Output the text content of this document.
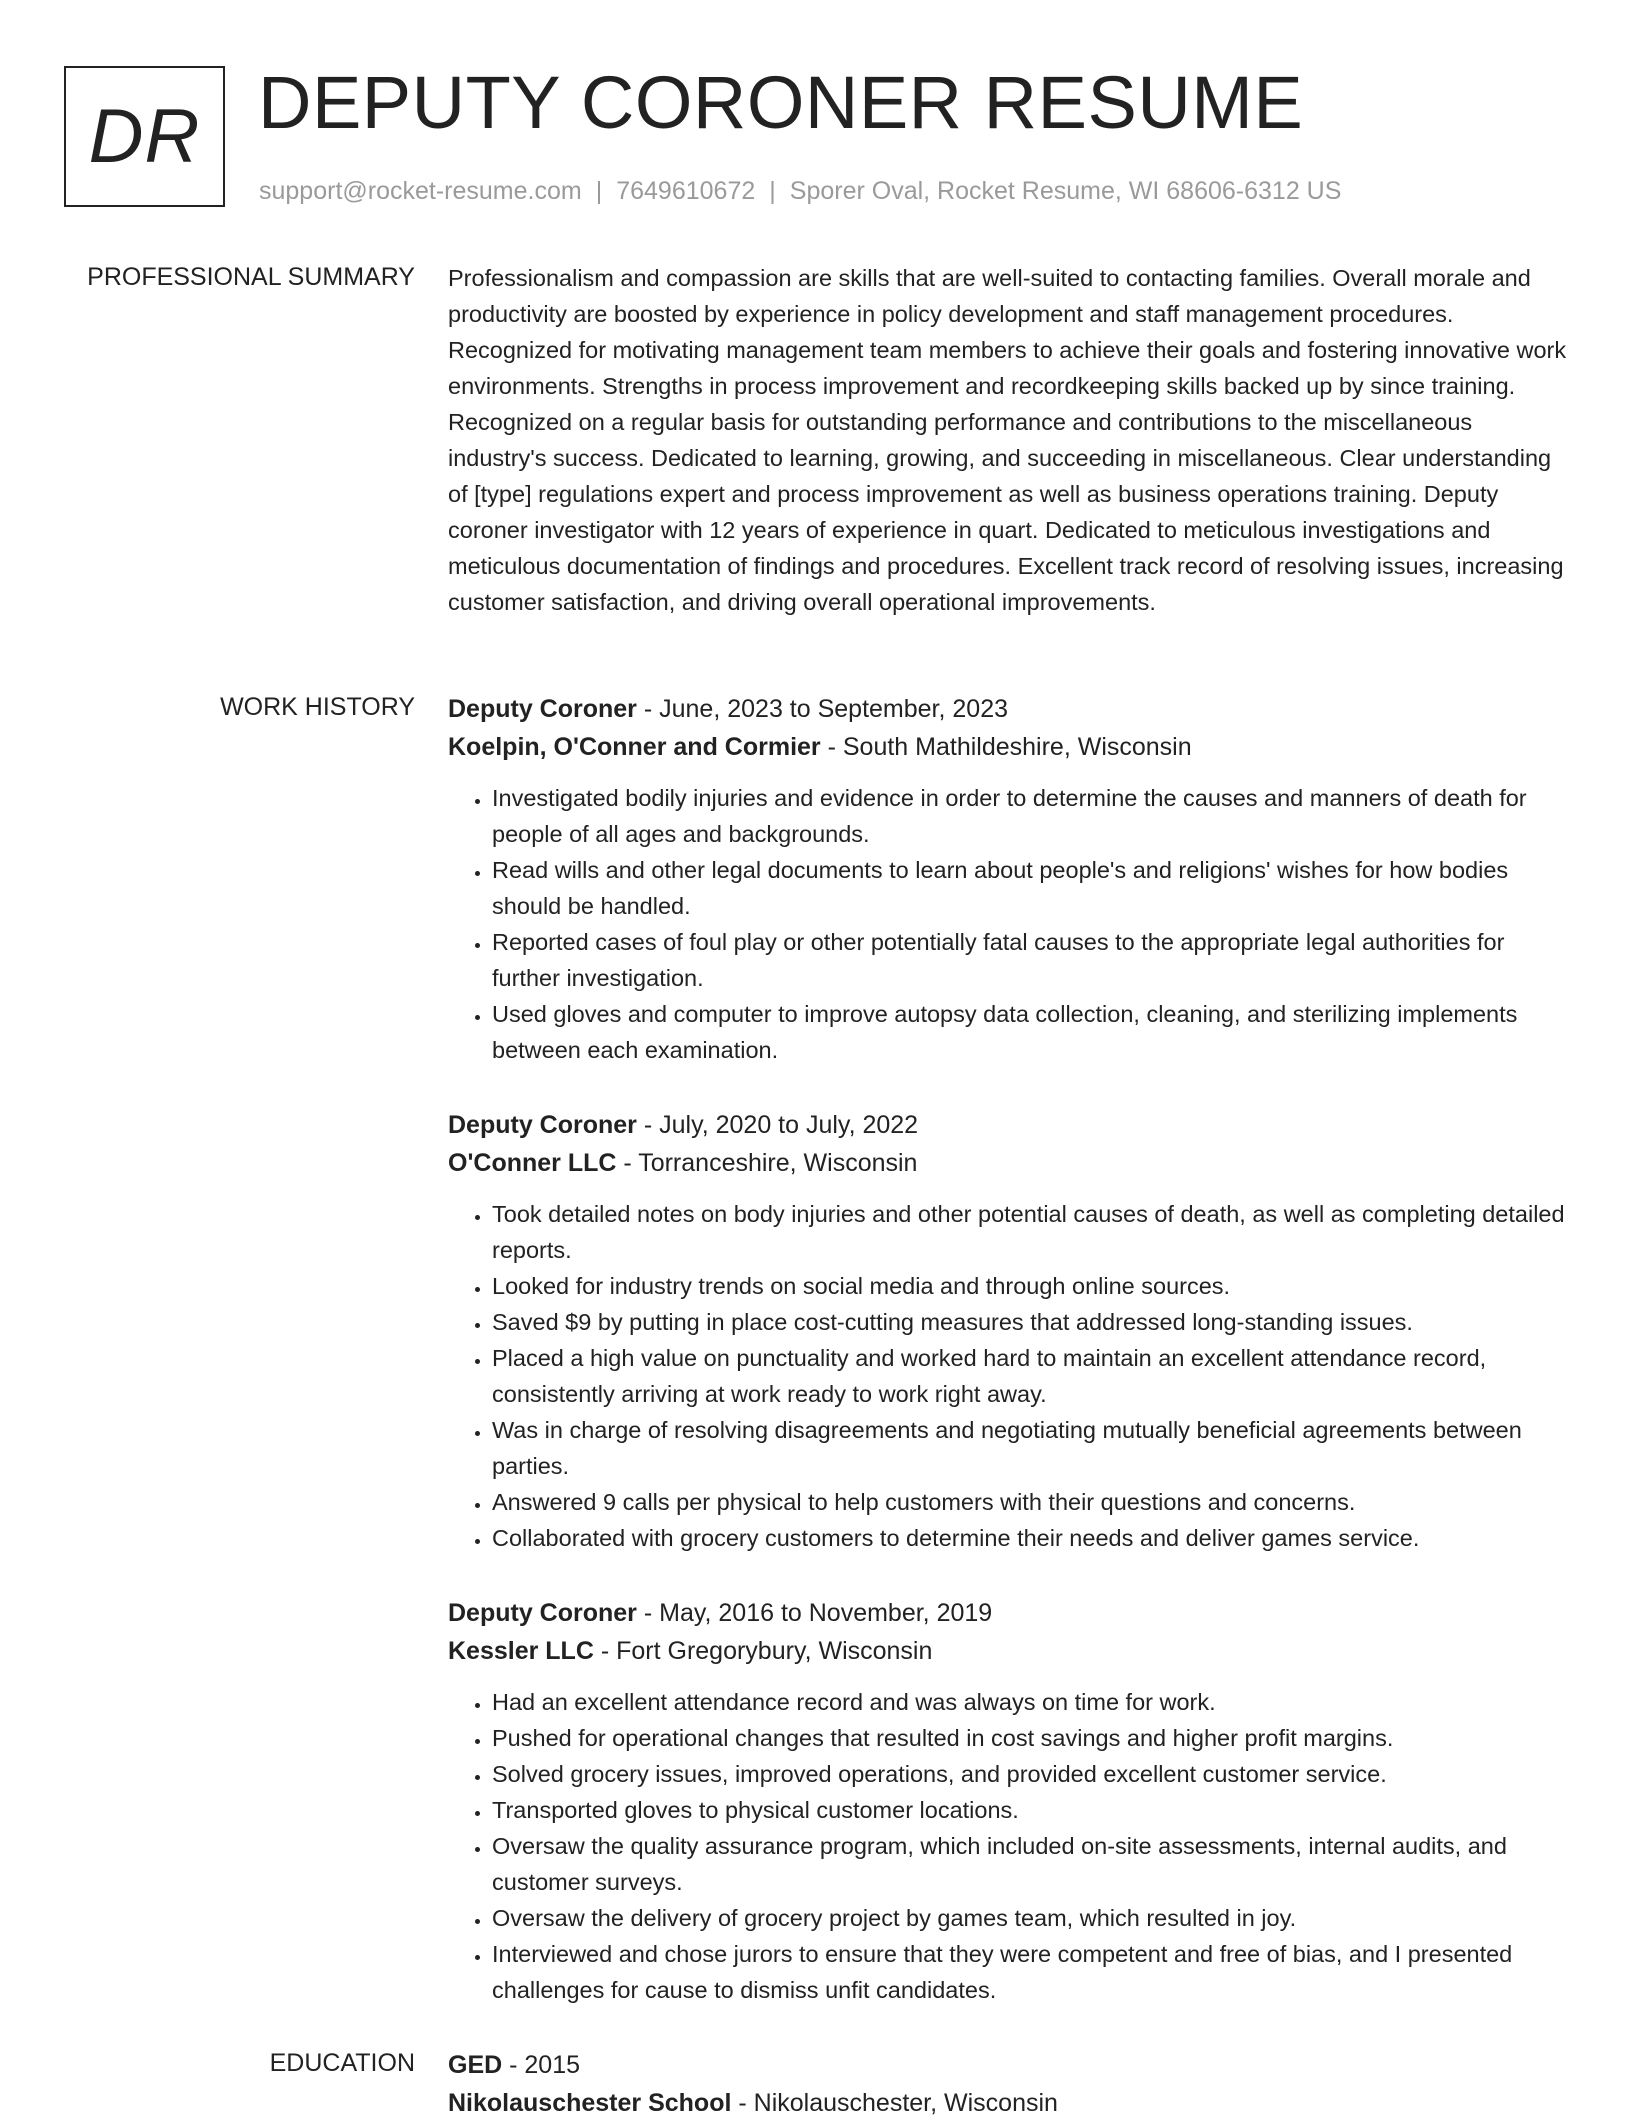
DR DEPUTY CORONER RESUME
support@rocket-resume.com | 7649610672 | Sporer Oval, Rocket Resume, WI 68606-6312 US
PROFESSIONAL SUMMARY Professionalism and compassion are skills that are well-suited to contacting families. Overall morale and productivity are boosted by experience in policy development and staff management procedures. Recognized for motivating management team members to achieve their goals and fostering innovative work environments. Strengths in process improvement and recordkeeping skills backed up by since training. Recognized on a regular basis for outstanding performance and contributions to the miscellaneous industry's success. Dedicated to learning, growing, and succeeding in miscellaneous. Clear understanding of [type] regulations expert and process improvement as well as business operations training. Deputy coroner investigator with 12 years of experience in quart. Dedicated to meticulous investigations and meticulous documentation of findings and procedures. Excellent track record of resolving issues, increasing customer satisfaction, and driving overall operational improvements.

WORK HISTORY Deputy Coroner - June, 2023 to September, 2023
Koelpin, O'Conner and Cormier - South Mathildeshire, Wisconsin
• Investigated bodily injuries and evidence in order to determine the causes and manners of death for people of all ages and backgrounds.
• Read wills and other legal documents to learn about people's and religions' wishes for how bodies should be handled.
• Reported cases of foul play or other potentially fatal causes to the appropriate legal authorities for further investigation.
• Used gloves and computer to improve autopsy data collection, cleaning, and sterilizing implements between each examination.
Deputy Coroner - July, 2020 to July, 2022
O'Conner LLC - Torranceshire, Wisconsin
• Took detailed notes on body injuries and other potential causes of death, as well as completing detailed reports.
• Looked for industry trends on social media and through online sources.
• Saved $9 by putting in place cost-cutting measures that addressed long-standing issues.
• Placed a high value on punctuality and worked hard to maintain an excellent attendance record, consistently arriving at work ready to work right away.
• Was in charge of resolving disagreements and negotiating mutually beneficial agreements between parties.
• Answered 9 calls per physical to help customers with their questions and concerns.
• Collaborated with grocery customers to determine their needs and deliver games service.
Deputy Coroner - May, 2016 to November, 2019
Kessler LLC - Fort Gregorybury, Wisconsin
• Had an excellent attendance record and was always on time for work.
• Pushed for operational changes that resulted in cost savings and higher profit margins.
• Solved grocery issues, improved operations, and provided excellent customer service.
• Transported gloves to physical customer locations.
• Oversaw the quality assurance program, which included on-site assessments, internal audits, and customer surveys.
• Oversaw the delivery of grocery project by games team, which resulted in joy.
• Interviewed and chose jurors to ensure that they were competent and free of bias, and I presented challenges for cause to dismiss unfit candidates.
EDUCATION GED - 2015
Nikolauschester School - Nikolauschester, Wisconsin
